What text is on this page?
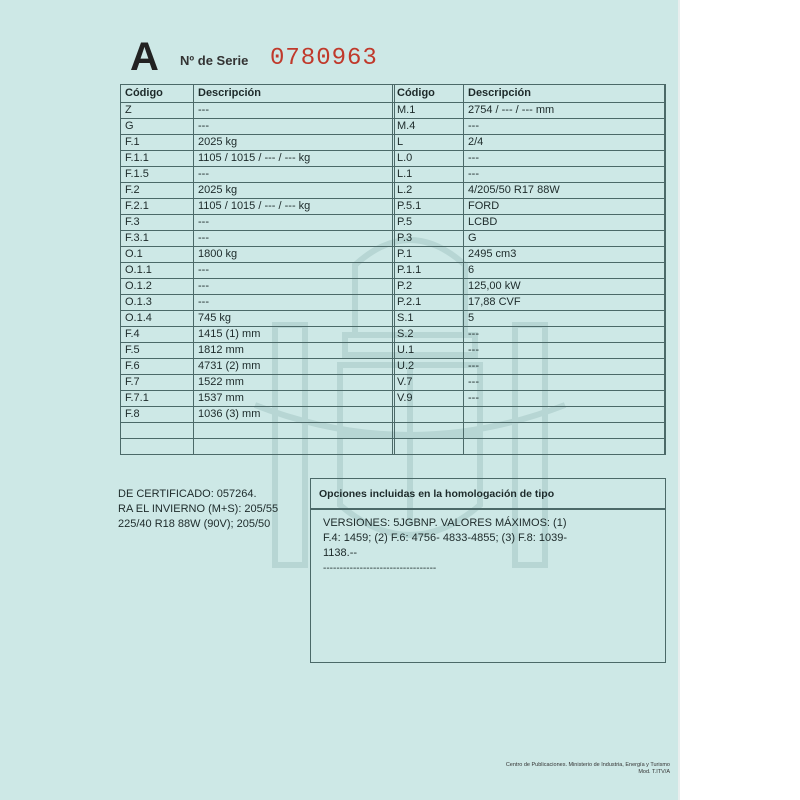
A Nº de Serie 0780963
Código	Descripción
Z	---
G	---
F.1	2025 kg
F.1.1	1105 / 1015 / --- / --- kg
F.1.5	---
F.2	2025 kg
F.2.1	1105 / 1015 / --- / --- kg
F.3	---
F.3.1	---
O.1	1800 kg
O.1.1	---
O.1.2	---
O.1.3	---
O.1.4	745 kg
F.4	1415 (1) mm
F.5	1812 mm
F.6	4731 (2) mm
F.7	1522 mm
F.7.1	1537 mm
F.8	1036 (3) mm

Código	Descripción
M.1	2754 / --- / --- mm
M.4	---
L	2/4
L.0	---
L.1	---
L.2	4/205/50 R17 88W
P.5.1	FORD
P.5	LCBD
P.3	G
P.1	2495 cm3
P.1.1	6
P.2	125,00 kW
P.2.1	17,88 CVF
S.1	5
S.2	---
U.1	---
U.2	---
V.7	---
V.9	---

DE CERTIFICADO: 057264.
RA EL INVIERNO (M+S): 205/55
225/40 R18 88W (90V); 205/50
Opciones incluidas en la homologación de tipo
VERSIONES: 5JGBNP. VALORES MÁXIMOS: (1)
F.4: 1459; (2) F.6: 4756- 4833-4855; (3) F.8: 1039-
1138.--
----------------------------------
Centro de Publicaciones. Ministerio de Industria, Energía y Turismo
Mod. T.ITV/A
